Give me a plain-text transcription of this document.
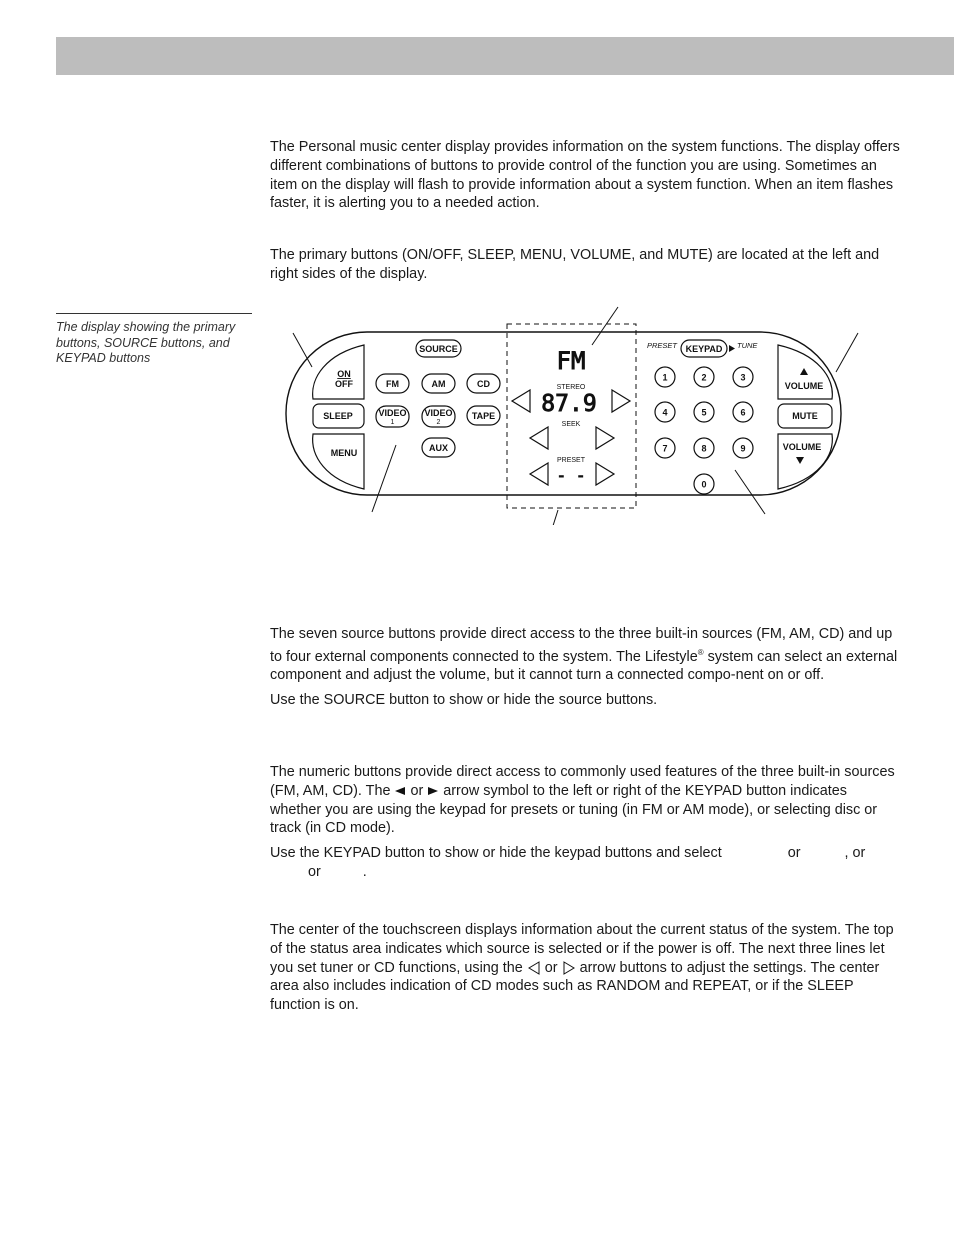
The Personal music center display provides information on the system functions. The display offers different combinations of buttons to provide control of the function you are using. Sometimes an item on the display will flash to provide information about a system function. When an item flashes faster, it is alerting you to a needed action.

The primary buttons (ON/OFF, SLEEP, MENU, VOLUME, and MUTE) are located at the left and right sides of the display.

The display showing the primary buttons, SOURCE buttons, and KEYPAD buttons
ON
OFF
SLEEP
MENU
SOURCE
FM	AM	CD
VIDEO
1
VIDEO
2
TAPE
AUX
FM
STEREO
87.9
SEEK
PRESET
- -
PRESET KEYPAD TUNE
1	2	3
4	5	6
7	8	9
0
VOLUME
MUTE
VOLUME

The seven source buttons provide direct access to the three built-in sources (FM, AM, CD) and up to four external components connected to the system. The Lifestyle® system can select an external component and adjust the volume, but it cannot turn a connected compo-nent on or off.

Use the SOURCE button to show or hide the source buttons.

The numeric buttons provide direct access to commonly used features of the three built-in sources (FM, AM, CD). The or arrow symbol to the left or right of the KEYPAD button indicates whether you are using the keypad for presets or tuning (in FM or AM mode), or selecting disc or track (in CD mode).

Use the KEYPAD button to show or hide the keypad buttons and select	or	, or
or	.

The center of the touchscreen displays information about the current status of the system. The top of the status area indicates which source is selected or if the power is off. The next three lines let you set tuner or CD functions, using the or arrow buttons to adjust the settings. The center area also includes indication of CD modes such as RANDOM and REPEAT, or if the SLEEP function is on.
